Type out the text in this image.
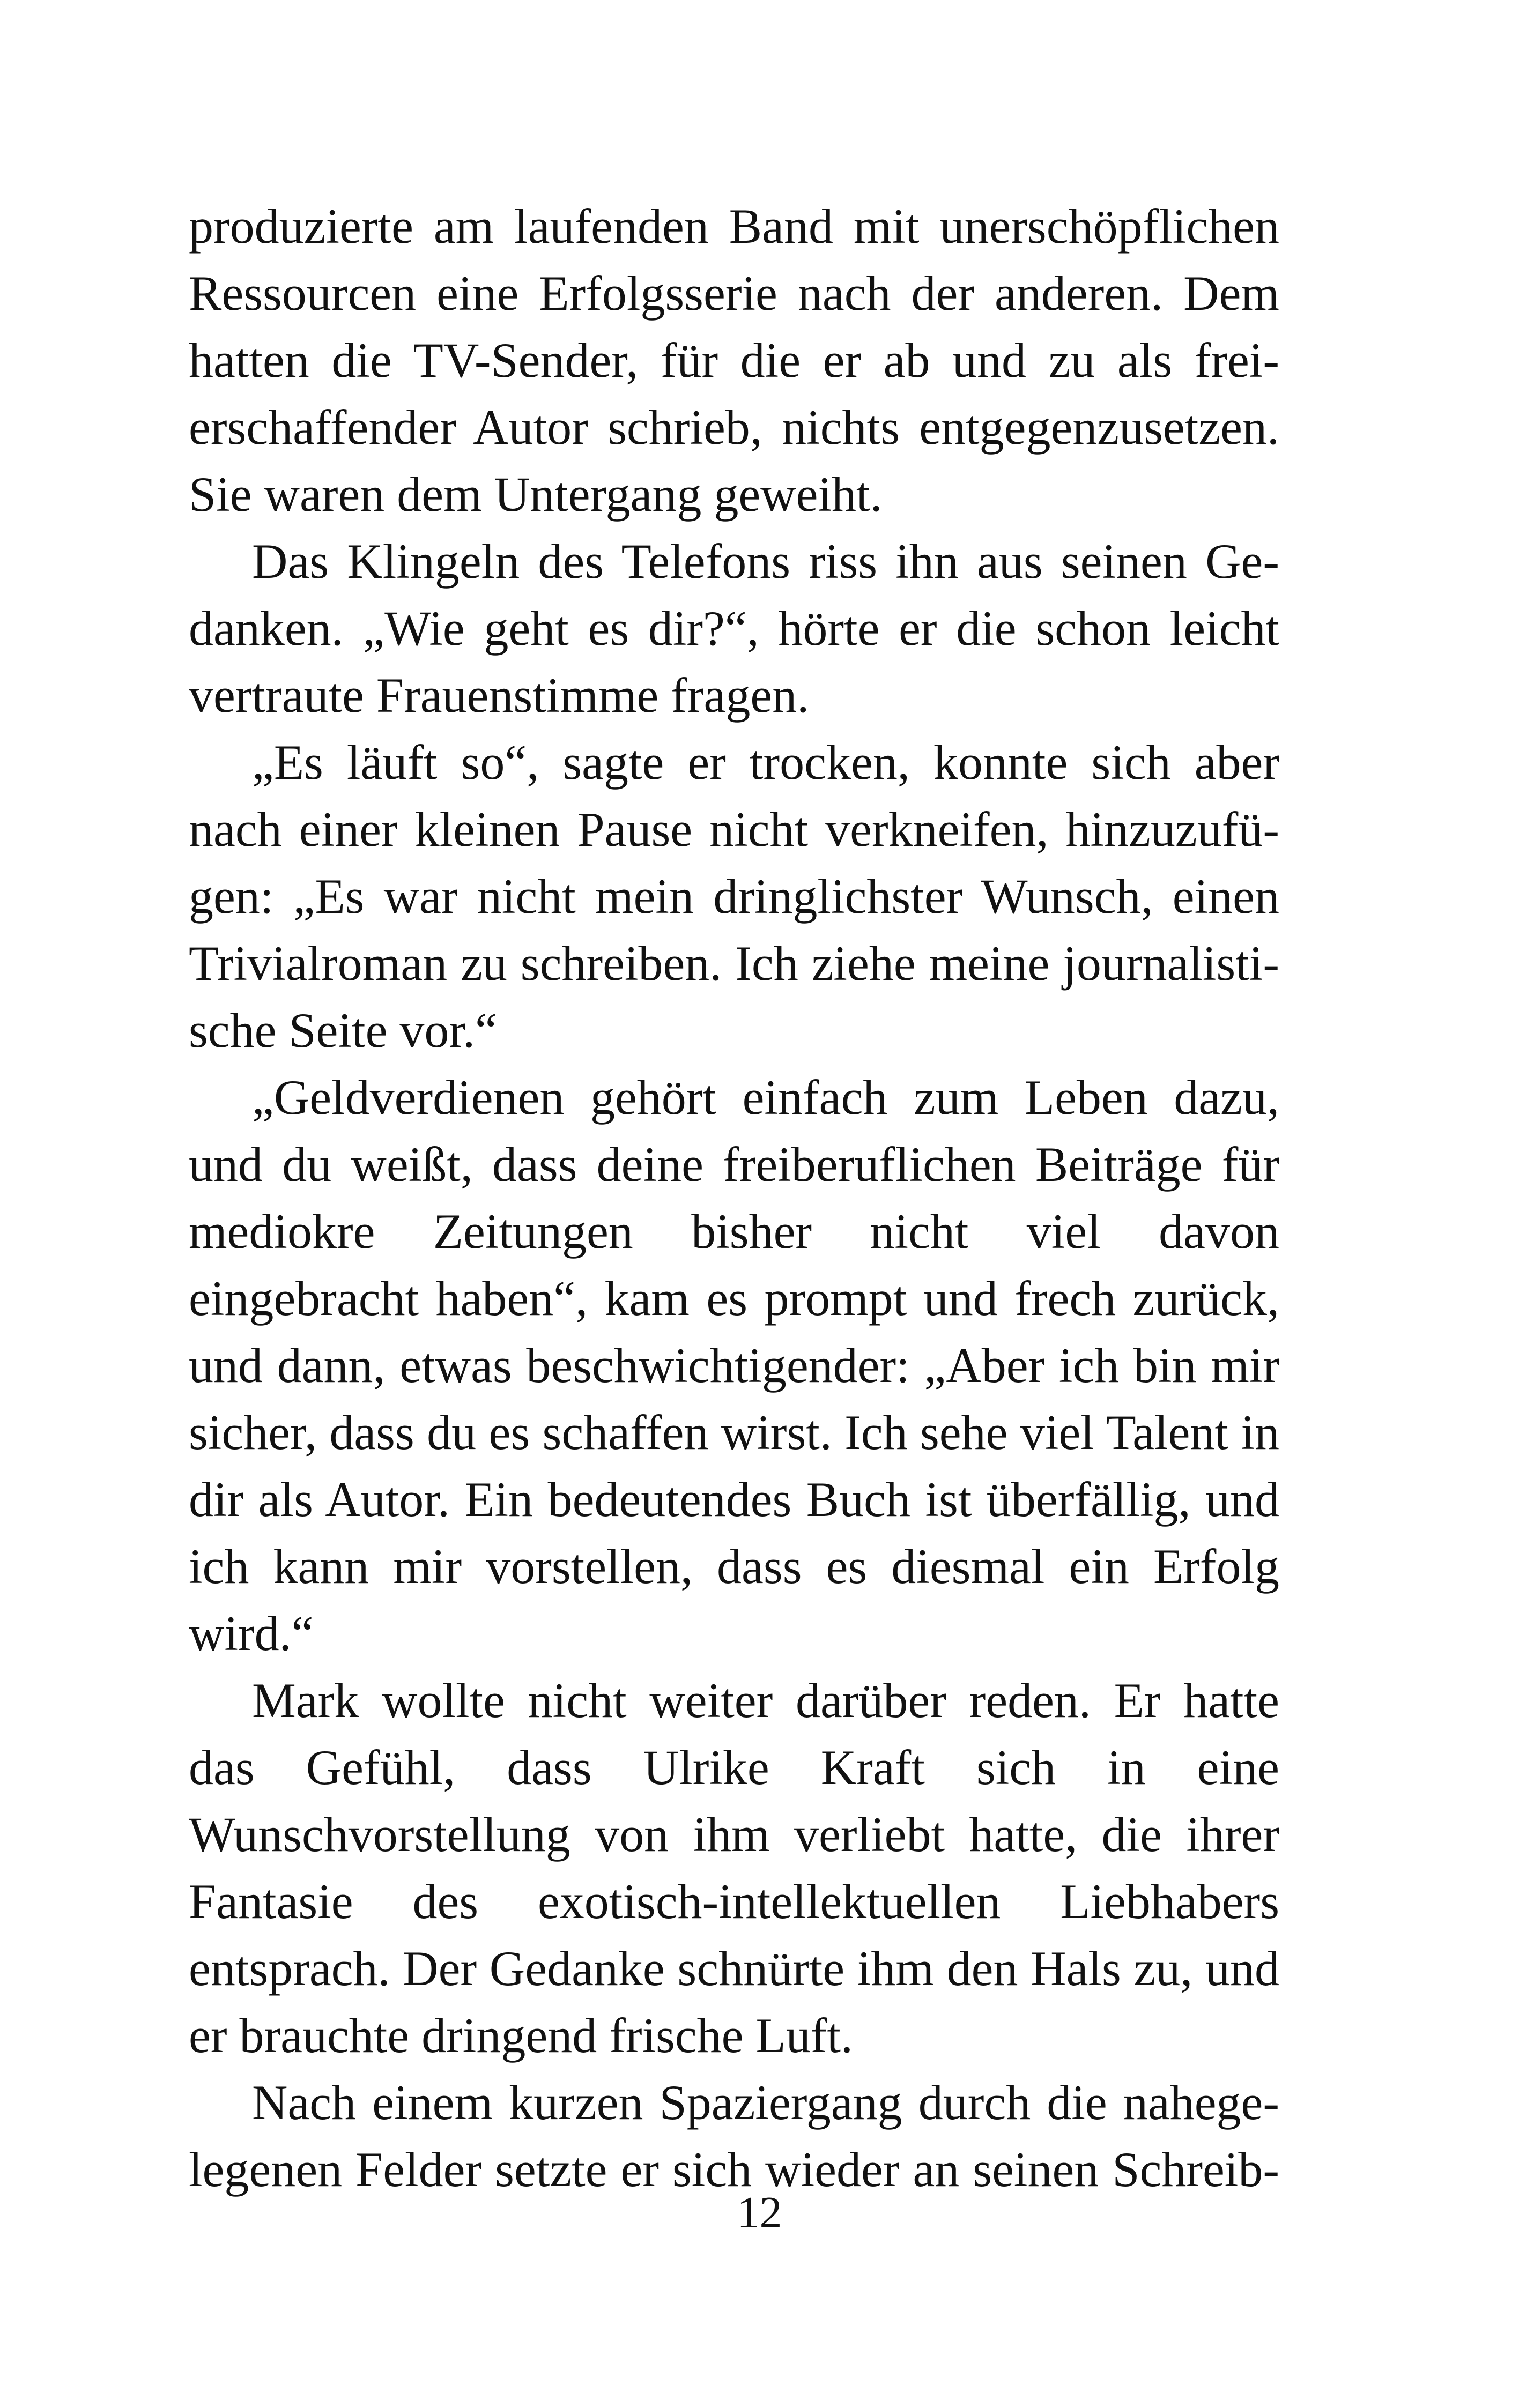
produzierte am laufenden Band mit unerschöpflichen Ressourcen eine Erfolgsserie nach der anderen. Dem hatten die TV-Sender, für die er ab und zu als freierschaffender Autor schrieb, nichts entgegenzusetzen. Sie waren dem Untergang geweiht.

Das Klingeln des Telefons riss ihn aus seinen Gedanken. „Wie geht es dir?“, hörte er die schon leicht vertraute Frauenstimme fragen.

„Es läuft so“, sagte er trocken, konnte sich aber nach einer kleinen Pause nicht verkneifen, hinzuzufügen: „Es war nicht mein dringlichster Wunsch, einen Trivialroman zu schreiben. Ich ziehe meine journalistische Seite vor.“

„Geldverdienen gehört einfach zum Leben dazu, und du weißt, dass deine freiberuflichen Beiträge für mediokre Zeitungen bisher nicht viel davon eingebracht haben“, kam es prompt und frech zurück, und dann, etwas beschwichtigender: „Aber ich bin mir sicher, dass du es schaffen wirst. Ich sehe viel Talent in dir als Autor. Ein bedeutendes Buch ist überfällig, und ich kann mir vorstellen, dass es diesmal ein Erfolg wird.“

Mark wollte nicht weiter darüber reden. Er hatte das Gefühl, dass Ulrike Kraft sich in eine Wunschvorstellung von ihm verliebt hatte, die ihrer Fantasie des exotisch-intellektuellen Liebhabers entsprach. Der Gedanke schnürte ihm den Hals zu, und er brauchte dringend frische Luft.

Nach einem kurzen Spaziergang durch die nahegelegenen Felder setzte er sich wieder an seinen Schreib-

12
